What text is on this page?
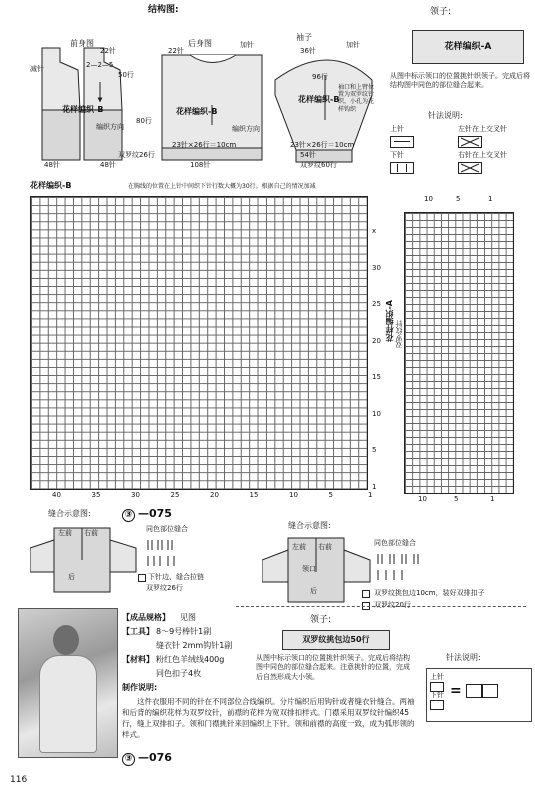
结构图:
前身图
22针
减针	2—2—5
50行
花样编织-B
编织方向
80行
48针	48针
后身图
22针
加针
花样编织-B
编织方向
23针×26行＝10cm
双罗纹26行
108针
袖子
36针
96行
加针
花样编织-B
袖口和上臂位置为双罗纹针织，小孔为花样钩织
23针×26行＝10cm
54针
双罗纹60行
领子:
花样编织-A
从图中标示领口的位置挑针织领子。完成后将结构图中同色的部位缝合起来。
针法说明:
上针
下针
左针在上交叉针
右针在上交叉针
花样编织-B	在胸线的位置在上针中间织下针行数大概为30行。根据自己的情况加减
40	35	30	25	20	15	10	5	1
x
30
25
20
15
10
5
1
10	5	1
花样编织-A 双罗纹针
10	5	1
缝合示意图:
左前 右前
后
③ —075
同色部位缝合
下针边、缝合拉链
双罗纹26行
缝合示意图:
左前 右前
领口
后
同色部位缝合
双罗纹挑包边10cm，装好双排扣子
双罗纹20行
【成品规格】 见图
【工具】 8～9号棒针1副
缝衣针 2mm钩针1副
【材料】 粉红色羊绒线400g
同色扣子4枚
制作说明:
这件衣服用不同的针在不同部位合线编织。分片编织后用钩针或者缝衣针缝合。两袖和后背的编织花样为双罗纹针，前襟的花样为宽双排扣样式。门襟采用双罗纹针编织45行，缝上双排扣子。领和门襟挑针来回编织上下针。领和前襟的高度一致，成为弧形领的样式。
③ —076
领子:
双罗纹挑包边50行
从图中标示领口的位置挑针织领子。完成后将结构图中同色的部位缝合起来。注意挑针的位置，完成后自然形成大小领。
针法说明:
上针
下针 =
116
